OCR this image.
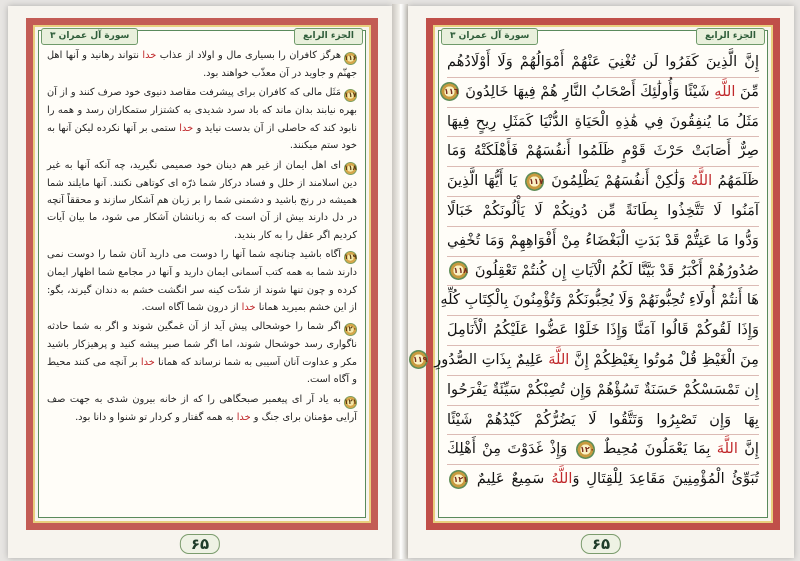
سورة آل عمران ٣	الجزء الرابع

۱۱۶هرگز کافران را بسیاری مال و اولاد از عذاب خدا نتواند رهانید و آنها اهل جهنّم و جاوید در آن معذّب خواهند بود.

۱۱۷مَثَل مالی که کافران برای پیشرفت مقاصد دنیوی خود صرف کنند و از آن بهره نیابند بدان ماند که باد سرد شدیدی به کشتزار ستمکاران رسد و همه را نابود کند که حاصلی از آن بدست نیاید و خدا ستمی بر آنها نکرده لیکن آنها به خود ستم میکنند.

۱۱۸ای اهل ایمان از غیر هم دینان خود صمیمی نگیرید، چه آنکه آنها به غیر دین اسلامند از خلل و فساد درکار شما ذرّه ای کوتاهی نکنند. آنها مایلند شما همیشه در رنج باشید و دشمنی شما را بر زبان هم آشکار سازند و محققاً آنچه در دل دارند بیش از آن است که به زبانشان آشکار می شود، ما بیان آیات کردیم اگر عقل را به کار بندید.

۱۱۹آگاه باشید چنانچه شما آنها را دوست می دارید آنان شما را دوست نمی دارند شما به همه کتب آسمانی ایمان دارید و آنها در مجامع شما اظهار ایمان کرده و چون تنها شوند از شدّت کینه سر انگشت خشم به دندان گیرند، بگو: از این خشم بمیرید همانا خدا از درون شما آگاه است.

۱۲۰اگر شما را خوشحالی پیش آید از آن غمگین شوند و اگر به شما حادثه ناگواری رسد خوشحال شوند، اما اگر شما صبر پیشه کنید و پرهیزکار باشید مکر و عداوت آنان آسیبی به شما نرساند که همانا خدا بر آنچه می کنند محیط و آگاه است.

۱۲۱به یاد آر ای پیغمبر صبحگاهی را که از خانه بیرون شدی به جهت صف آرایی مؤمنان برای جنگ و خدا به همه گفتار و کردار تو شنوا و دانا بود.

۶۵
سورة آل عمران ٣	الجزء الرابع
إِنَّ الَّذِينَ كَفَرُوا لَن تُغْنِيَ عَنْهُمْ أَمْوَالُهُمْ وَلَا أَوْلَادُهُم
مِّنَ اللَّهِ شَيْئًا وَأُولَٰئِكَ أَصْحَابُ النَّارِ هُمْ فِيهَا خَالِدُونَ ١١٦
مَثَلُ مَا يُنفِقُونَ فِي هَٰذِهِ الْحَيَاةِ الدُّنْيَا كَمَثَلِ رِيحٍ فِيهَا
صِرٌّ أَصَابَتْ حَرْثَ قَوْمٍ ظَلَمُوا أَنفُسَهُمْ فَأَهْلَكَتْهُ وَمَا
ظَلَمَهُمُ اللَّهُ وَلَٰكِنْ أَنفُسَهُمْ يَظْلِمُونَ ١١٧ يَا أَيُّهَا الَّذِينَ
آمَنُوا لَا تَتَّخِذُوا بِطَانَةً مِّن دُونِكُمْ لَا يَأْلُونَكُمْ خَبَالًا
وَدُّوا مَا عَنِتُّمْ قَدْ بَدَتِ الْبَغْضَاءُ مِنْ أَفْوَاهِهِمْ وَمَا تُخْفِي
صُدُورُهُمْ أَكْبَرُ قَدْ بَيَّنَّا لَكُمُ الْآيَاتِ إِن كُنتُمْ تَعْقِلُونَ ١١٨
هَا أَنتُمْ أُولَاءِ تُحِبُّونَهُمْ وَلَا يُحِبُّونَكُمْ وَتُؤْمِنُونَ بِالْكِتَابِ كُلِّهِ
وَإِذَا لَقُوكُمْ قَالُوا آمَنَّا وَإِذَا خَلَوْا عَضُّوا عَلَيْكُمُ الْأَنَامِلَ
مِنَ الْغَيْظِ قُلْ مُوتُوا بِغَيْظِكُمْ إِنَّ اللَّهَ عَلِيمٌ بِذَاتِ الصُّدُورِ ١١٩
إِن تَمْسَسْكُمْ حَسَنَةٌ تَسُؤْهُمْ وَإِن تُصِبْكُمْ سَيِّئَةٌ يَفْرَحُوا
بِهَا وَإِن تَصْبِرُوا وَتَتَّقُوا لَا يَضُرُّكُمْ كَيْدُهُمْ شَيْئًا
إِنَّ اللَّهَ بِمَا يَعْمَلُونَ مُحِيطٌ ١٢٠ وَإِذْ غَدَوْتَ مِنْ أَهْلِكَ
تُبَوِّئُ الْمُؤْمِنِينَ مَقَاعِدَ لِلْقِتَالِ وَاللَّهُ سَمِيعٌ عَلِيمٌ ١٢١
۶۵
